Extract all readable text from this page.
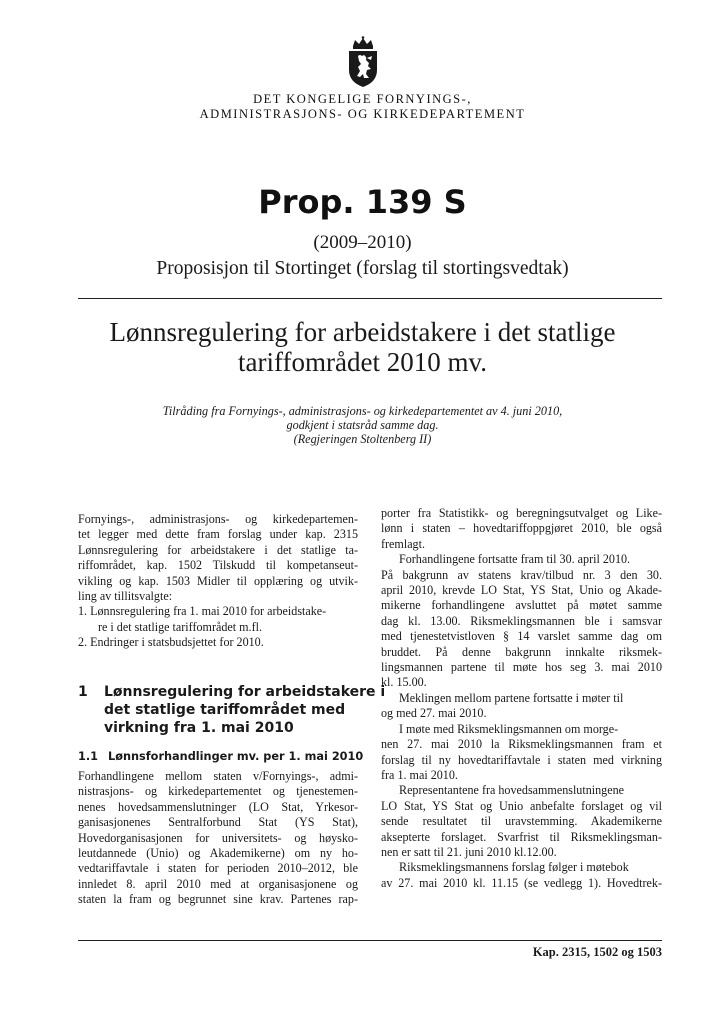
DET KONGELIGE FORNYINGS-,
ADMINISTRASJONS- OG KIRKEDEPARTEMENT
Prop. 139 S
(2009–2010)
Proposisjon til Stortinget (forslag til stortingsvedtak)
Lønnsregulering for arbeidstakere i det statlige
tariffområdet 2010 mv.
Tilråding fra Fornyings-, administrasjons- og kirkedepartementet av 4. juni 2010,
godkjent i statsråd samme dag.
(Regjeringen Stoltenberg II)
Fornyings-, administrasjons- og kirkedepartemen-
tet legger med dette fram forslag under kap. 2315
Lønnsregulering for arbeidstakere i det statlige ta-
riffområdet, kap. 1502 Tilskudd til kompetanseut-
vikling og kap. 1503 Midler til opplæring og utvik-
ling av tillitsvalgte:
1. Lønnsregulering fra 1. mai 2010 for arbeidstake-
re i det statlige tariffområdet m.fl.
2. Endringer i statsbudsjettet for 2010.
1	Lønnsregulering for arbeidstakere i
det statlige tariffområdet med
virkning fra 1. mai 2010
1.1 Lønnsforhandlinger mv. per 1. mai 2010
Forhandlingene mellom staten v/Fornyings-, admi-
nistrasjons- og kirkedepartementet og tjenestemen-
nenes hovedsammenslutninger (LO Stat, Yrkesor-
ganisasjonenes Sentralforbund Stat (YS Stat),
Hovedorganisasjonen for universitets- og høysko-
leutdannede (Unio) og Akademikerne) om ny ho-
vedtariffavtale i staten for perioden 2010–2012, ble
innledet 8. april 2010 med at organisasjonene og
staten la fram og begrunnet sine krav. Partenes rap-
porter fra Statistikk- og beregningsutvalget og Like-
lønn i staten – hovedtariffoppgjøret 2010, ble også
fremlagt.
Forhandlingene fortsatte fram til 30. april 2010.
På bakgrunn av statens krav/tilbud nr. 3 den 30.
april 2010, krevde LO Stat, YS Stat, Unio og Akade-
mikerne forhandlingene avsluttet på møtet samme
dag kl. 13.00. Riksmeklingsmannen ble i samsvar
med tjenestetvistloven § 14 varslet samme dag om
bruddet. På denne bakgrunn innkalte riksmek-
lingsmannen partene til møte hos seg 3. mai 2010
kl. 15.00.
Meklingen mellom partene fortsatte i møter til
og med 27. mai 2010.
I møte med Riksmeklingsmannen om morge-
nen 27. mai 2010 la Riksmeklingsmannen fram et
forslag til ny hovedtariffavtale i staten med virkning
fra 1. mai 2010.
Representantene fra hovedsammenslutningene
LO Stat, YS Stat og Unio anbefalte forslaget og vil
sende resultatet til uravstemming. Akademikerne
aksepterte forslaget. Svarfrist til Riksmeklingsman-
nen er satt til 21. juni 2010 kl.12.00.
Riksmeklingsmannens forslag følger i møtebok
av 27. mai 2010 kl. 11.15 (se vedlegg 1). Hovedtrek-
Kap. 2315, 1502 og 1503
